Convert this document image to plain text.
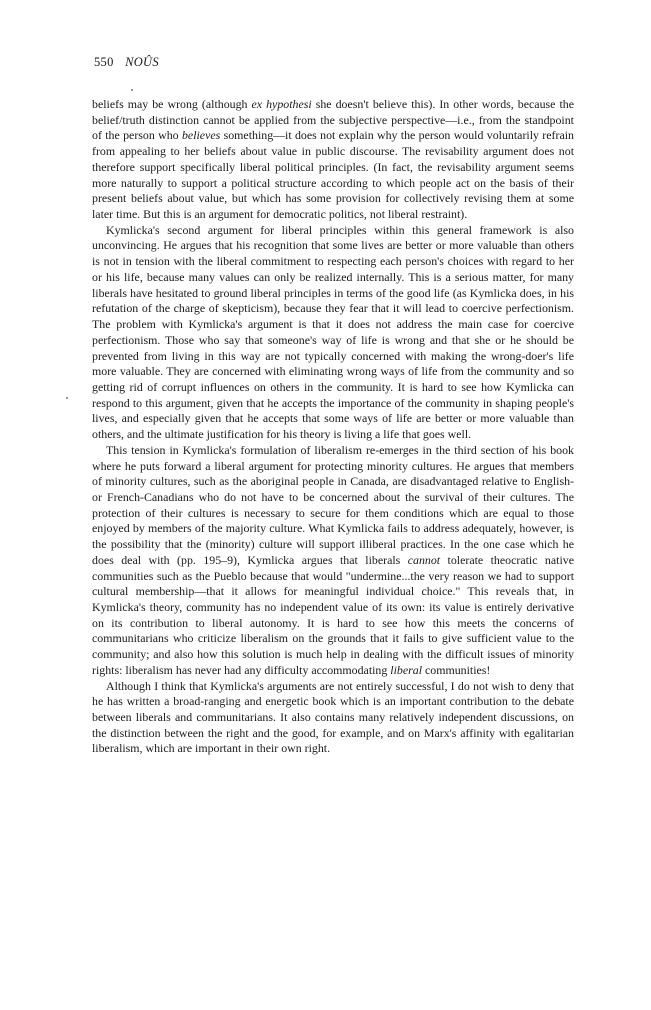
550 NOÛS

beliefs may be wrong (although ex hypothesi she doesn't believe this). In other words, because the belief/truth distinction cannot be applied from the subjective perspective—i.e., from the standpoint of the person who believes something—it does not explain why the person would voluntarily refrain from appealing to her beliefs about value in public discourse. The revisability argument does not therefore support specifically liberal political principles. (In fact, the revisability argument seems more naturally to support a political structure according to which people act on the basis of their present beliefs about value, but which has some provision for collectively revising them at some later time. But this is an argument for democratic politics, not liberal restraint).

Kymlicka's second argument for liberal principles within this general framework is also unconvincing. He argues that his recognition that some lives are better or more valuable than others is not in tension with the liberal commitment to respecting each person's choices with regard to her or his life, because many values can only be realized internally. This is a serious matter, for many liberals have hesitated to ground liberal principles in terms of the good life (as Kymlicka does, in his refutation of the charge of skepticism), because they fear that it will lead to coercive perfectionism. The problem with Kymlicka's argument is that it does not address the main case for coercive perfectionism. Those who say that someone's way of life is wrong and that she or he should be prevented from living in this way are not typically concerned with making the wrong-doer's life more valuable. They are concerned with eliminating wrong ways of life from the community and so getting rid of corrupt influences on others in the community. It is hard to see how Kymlicka can respond to this argument, given that he accepts the importance of the community in shaping people's lives, and especially given that he accepts that some ways of life are better or more valuable than others, and the ultimate justification for his theory is living a life that goes well.

This tension in Kymlicka's formulation of liberalism re-emerges in the third section of his book where he puts forward a liberal argument for protecting minority cultures. He argues that members of minority cultures, such as the aboriginal people in Canada, are disadvantaged relative to English- or French-Canadians who do not have to be concerned about the survival of their cultures. The protection of their cultures is necessary to secure for them conditions which are equal to those enjoyed by members of the majority culture. What Kymlicka fails to address adequately, however, is the possibility that the (minority) culture will support illiberal practices. In the one case which he does deal with (pp. 195–9), Kymlicka argues that liberals cannot tolerate theocratic native communities such as the Pueblo because that would "undermine...the very reason we had to support cultural membership—that it allows for meaningful individual choice." This reveals that, in Kymlicka's theory, community has no independent value of its own: its value is entirely derivative on its contribution to liberal autonomy. It is hard to see how this meets the concerns of communitarians who criticize liberalism on the grounds that it fails to give sufficient value to the community; and also how this solution is much help in dealing with the difficult issues of minority rights: liberalism has never had any difficulty accommodating liberal communities!

Although I think that Kymlicka's arguments are not entirely successful, I do not wish to deny that he has written a broad-ranging and energetic book which is an important contribution to the debate between liberals and communitarians. It also contains many relatively independent discussions, on the distinction between the right and the good, for example, and on Marx's affinity with egalitarian liberalism, which are important in their own right.
